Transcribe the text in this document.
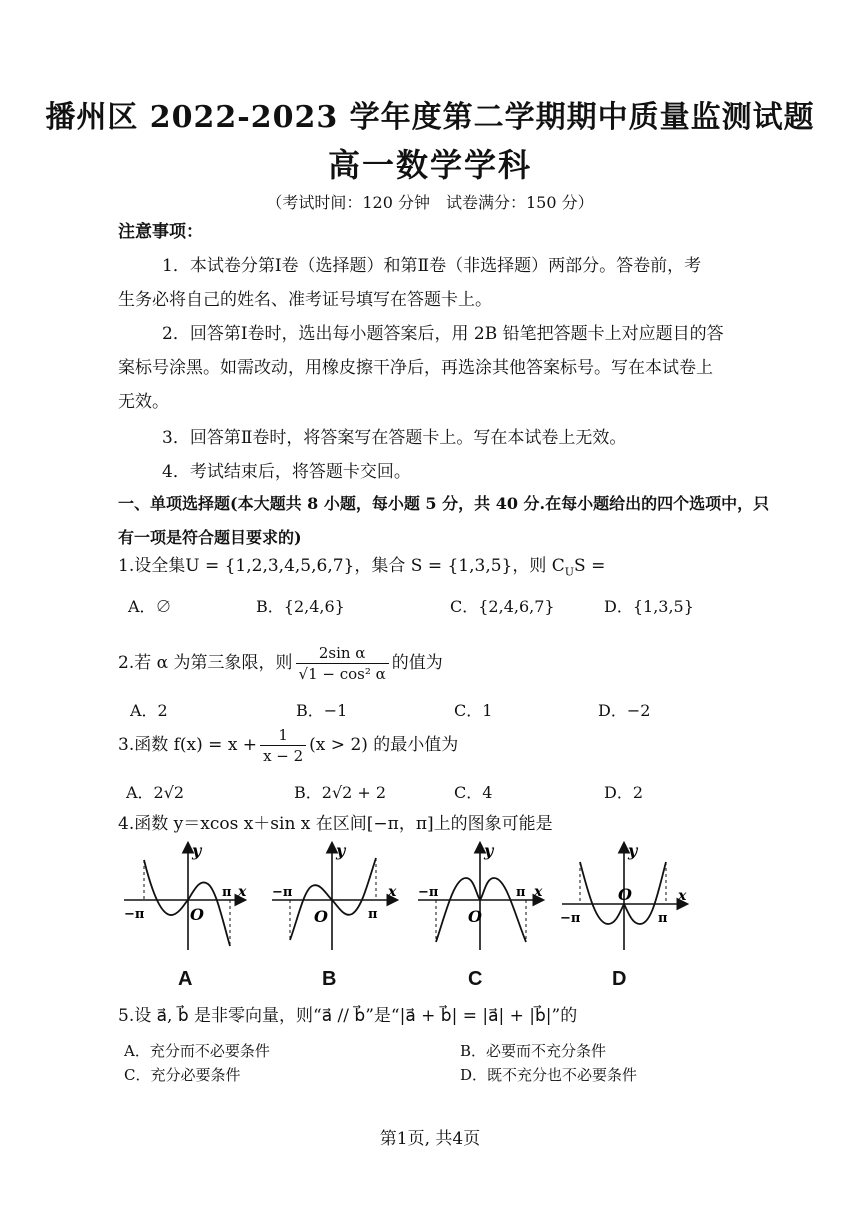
播州区 2022-2023 学年度第二学期期中质量监测试题
高一数学学科
（考试时间：120 分钟　试卷满分：150 分）
注意事项：
1．本试卷分第Ⅰ卷（选择题）和第Ⅱ卷（非选择题）两部分。答卷前，考
生务必将自己的姓名、准考证号填写在答题卡上。
2．回答第Ⅰ卷时，选出每小题答案后，用 2B 铅笔把答题卡上对应题目的答
案标号涂黑。如需改动，用橡皮擦干净后，再选涂其他答案标号。写在本试卷上
无效。
3．回答第Ⅱ卷时，将答案写在答题卡上。写在本试卷上无效。
4．考试结束后，将答题卡交回。
一、单项选择题(本大题共 8 小题，每小题 5 分，共 40 分.在每小题给出的四个选项中，只
有一项是符合题目要求的)
1.设全集U = {1,2,3,4,5,6,7}，集合 S = {1,3,5}，则 $C_US$ =
A．∅	B．{2,4,6}	C．{2,4,6,7}	D．{1,3,5}
2.若 α 为第三象限，则 $\frac{\text{2sin α}}{\text{√1 − cos² α}}$ 的值为
A．2	B．−1	C．1	D．−2
3.函数 $f(x) = x + \frac{1}{x - 2} (x > 2)$ 的最小值为
A．2√2	B．2√2 + 2	C．4	D．2
4.函数 y＝xcos x＋sin x 在区间[−π，π]上的图象可能是
y
x
−π
π
O
A
y
x
−π
π
O
B
y
x
−π	π
O
C
y
x
−π	π
O
D
5.设 a⃗, b⃗ 是非零向量，则“a⃗ // b⃗”是“|a⃗ + b⃗| = |a⃗| + |b⃗|”的
A．充分而不必要条件	B．必要而不充分条件
C．充分必要条件	D．既不充分也不必要条件
第1页, 共4页
